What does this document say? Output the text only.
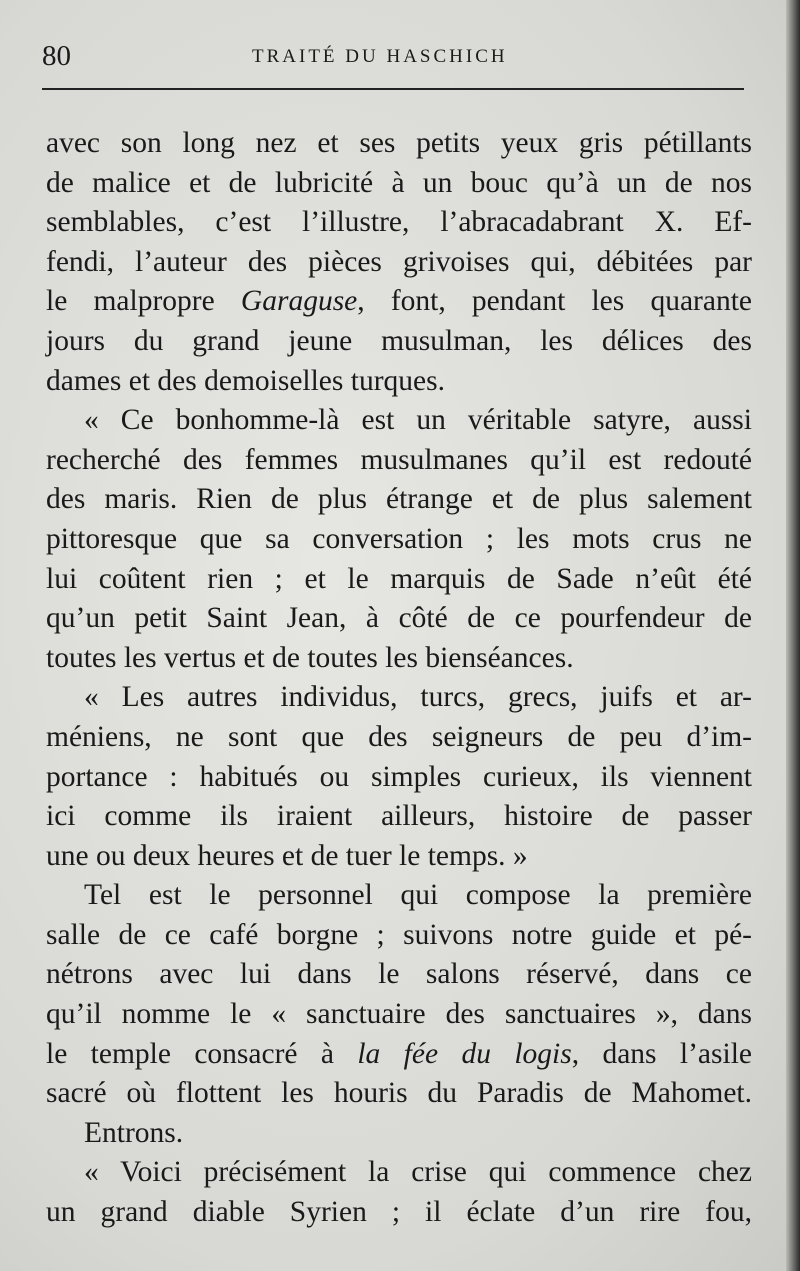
80	TRAITÉ DU HASCHICH
avec son long nez et ses petits yeux gris pétillants
de malice et de lubricité à un bouc qu’à un de nos
semblables, c’est l’illustre, l’abracadabrant X. Ef-
fendi, l’auteur des pièces grivoises qui, débitées par
le malpropre Garaguse, font, pendant les quarante
jours du grand jeune musulman, les délices des
dames et des demoiselles turques.
« Ce bonhomme-là est un véritable satyre, aussi
recherché des femmes musulmanes qu’il est redouté
des maris. Rien de plus étrange et de plus salement
pittoresque que sa conversation ; les mots crus ne
lui coûtent rien ; et le marquis de Sade n’eût été
qu’un petit Saint Jean, à côté de ce pourfendeur de
toutes les vertus et de toutes les bienséances.
« Les autres individus, turcs, grecs, juifs et ar-
méniens, ne sont que des seigneurs de peu d’im-
portance : habitués ou simples curieux, ils viennent
ici comme ils iraient ailleurs, histoire de passer
une ou deux heures et de tuer le temps. »
Tel est le personnel qui compose la première
salle de ce café borgne ; suivons notre guide et pé-
nétrons avec lui dans le salons réservé, dans ce
qu’il nomme le « sanctuaire des sanctuaires », dans
le temple consacré à la fée du logis, dans l’asile
sacré où flottent les houris du Paradis de Mahomet.
Entrons.
« Voici précisément la crise qui commence chez
un grand diable Syrien ; il éclate d’un rire fou,
